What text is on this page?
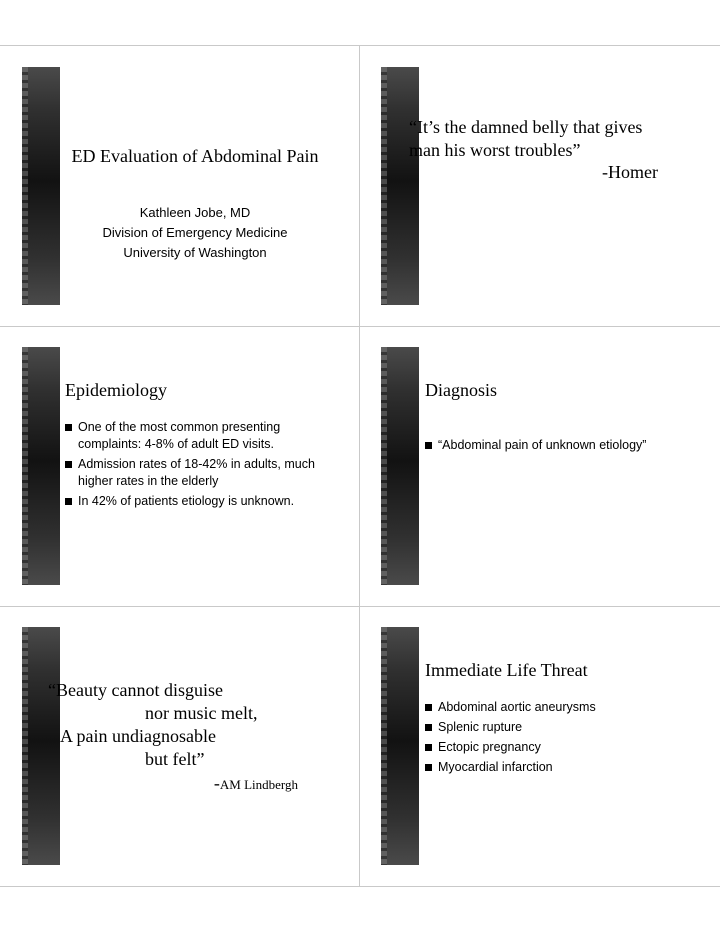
ED Evaluation of Abdominal Pain
Kathleen Jobe, MD
Division of Emergency Medicine
University of Washington
“It’s the damned belly that gives
man his worst troubles”
-Homer
Epidemiology
One of the most common presenting complaints: 4-8% of adult ED visits.
Admission rates of 18-42% in adults, much higher rates in the elderly
In 42% of patients etiology is unknown.
Diagnosis
“Abdominal pain of unknown etiology”
“Beauty cannot disguise
nor music melt,
A pain undiagnosable
but felt”
-AM Lindbergh
Immediate Life Threat
Abdominal aortic aneurysms
Splenic rupture
Ectopic pregnancy
Myocardial infarction
